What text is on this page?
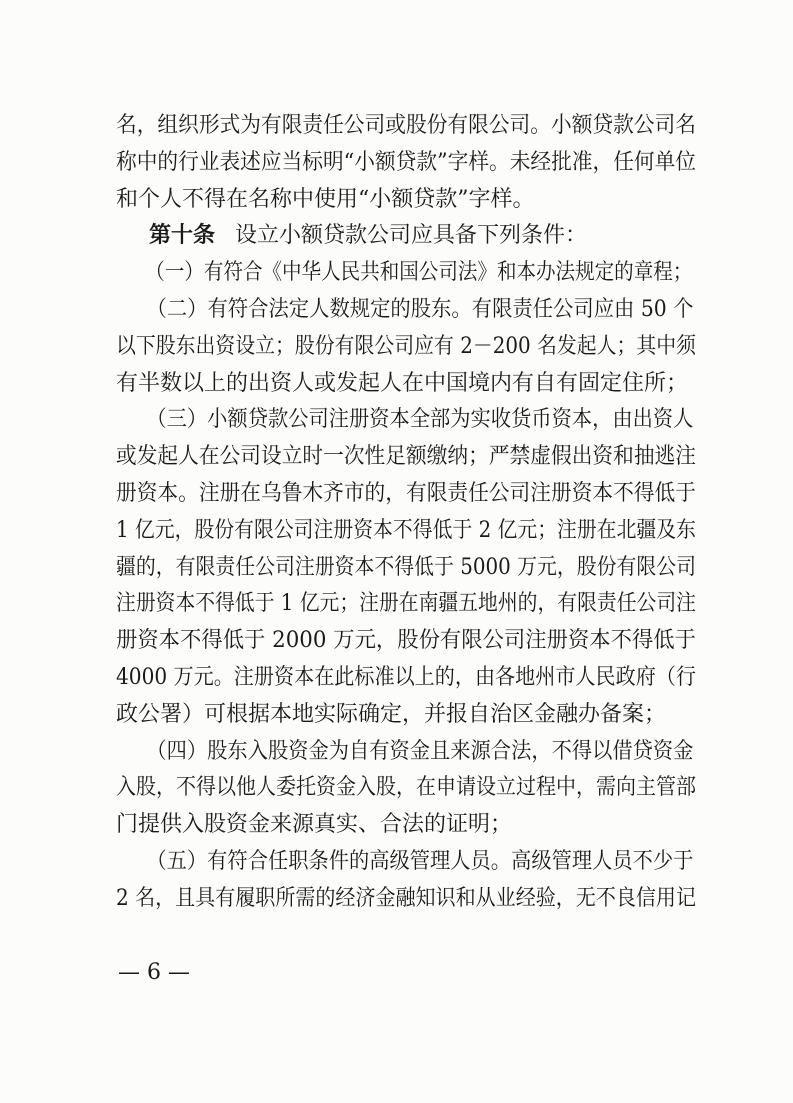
名，组织形式为有限责任公司或股份有限公司。小额贷款公司名
称中的行业表述应当标明“小额贷款”字样。未经批准，任何单位
和个人不得在名称中使用“小额贷款”字样。
第十条 设立小额贷款公司应具备下列条件：
（一）有符合《中华人民共和国公司法》和本办法规定的章程；
（二）有符合法定人数规定的股东。有限责任公司应由 50 个
以下股东出资设立；股份有限公司应有 2－200 名发起人；其中须
有半数以上的出资人或发起人在中国境内有自有固定住所；
（三）小额贷款公司注册资本全部为实收货币资本，由出资人
或发起人在公司设立时一次性足额缴纳；严禁虚假出资和抽逃注
册资本。注册在乌鲁木齐市的，有限责任公司注册资本不得低于
1 亿元，股份有限公司注册资本不得低于 2 亿元；注册在北疆及东
疆的，有限责任公司注册资本不得低于 5000 万元，股份有限公司
注册资本不得低于 1 亿元；注册在南疆五地州的，有限责任公司注
册资本不得低于 2000 万元，股份有限公司注册资本不得低于
4000 万元。注册资本在此标准以上的，由各地州市人民政府（行
政公署）可根据本地实际确定，并报自治区金融办备案；
（四）股东入股资金为自有资金且来源合法，不得以借贷资金
入股，不得以他人委托资金入股，在申请设立过程中，需向主管部
门提供入股资金来源真实、合法的证明；
（五）有符合任职条件的高级管理人员。高级管理人员不少于
2 名，且具有履职所需的经济金融知识和从业经验，无不良信用记
— 6 —
